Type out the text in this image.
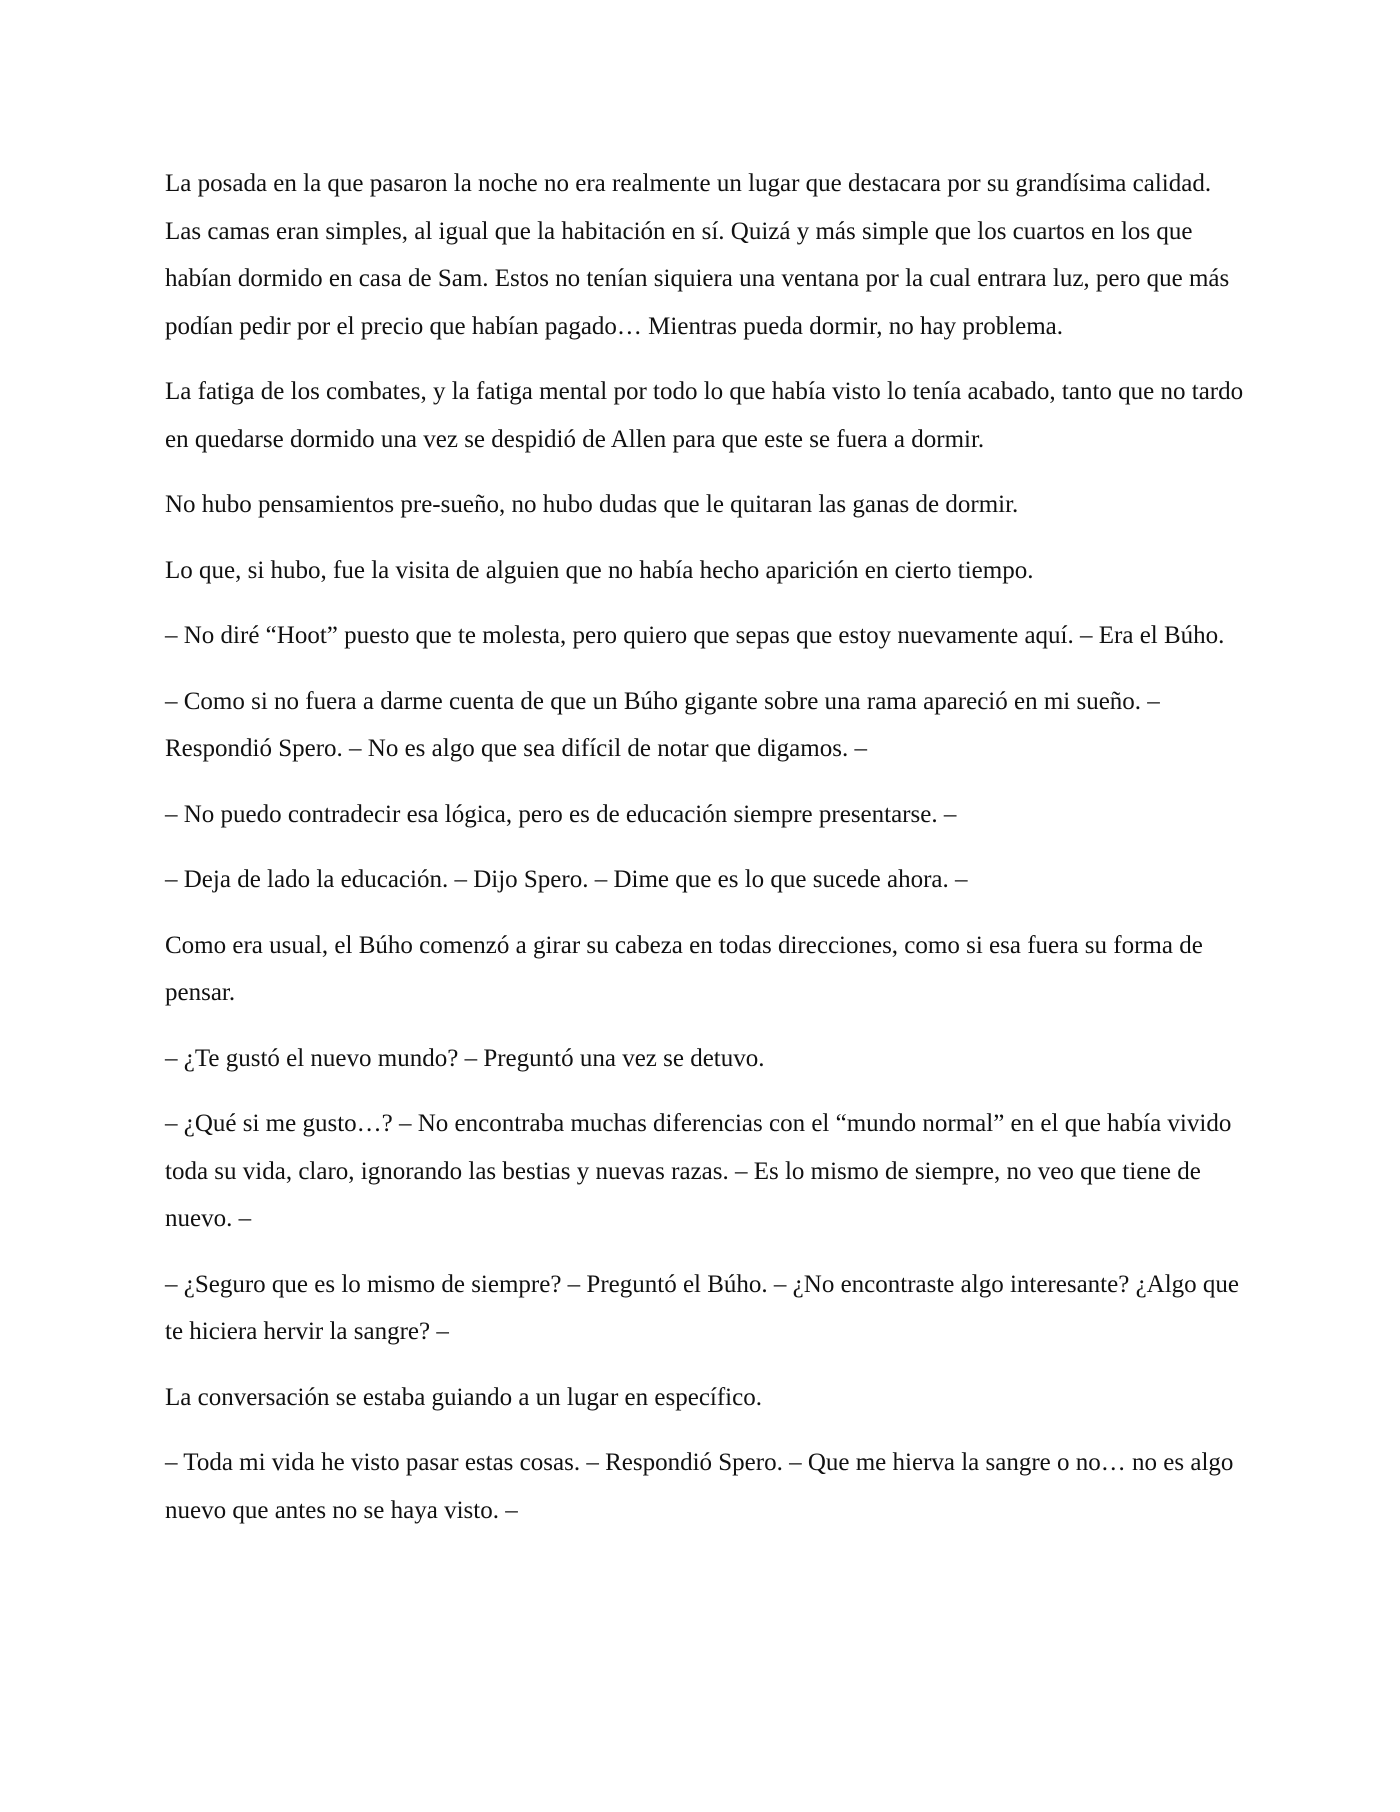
La posada en la que pasaron la noche no era realmente un lugar que destacara por su grandísima calidad. Las camas eran simples, al igual que la habitación en sí. Quizá y más simple que los cuartos en los que habían dormido en casa de Sam. Estos no tenían siquiera una ventana por la cual entrara luz, pero que más podían pedir por el precio que habían pagado… Mientras pueda dormir, no hay problema.

La fatiga de los combates, y la fatiga mental por todo lo que había visto lo tenía acabado, tanto que no tardo en quedarse dormido una vez se despidió de Allen para que este se fuera a dormir.

No hubo pensamientos pre-sueño, no hubo dudas que le quitaran las ganas de dormir.

Lo que, si hubo, fue la visita de alguien que no había hecho aparición en cierto tiempo.

– No diré “Hoot” puesto que te molesta, pero quiero que sepas que estoy nuevamente aquí. – Era el Búho.

– Como si no fuera a darme cuenta de que un Búho gigante sobre una rama apareció en mi sueño. – Respondió Spero. – No es algo que sea difícil de notar que digamos. –

– No puedo contradecir esa lógica, pero es de educación siempre presentarse. –

– Deja de lado la educación. – Dijo Spero. – Dime que es lo que sucede ahora. –

Como era usual, el Búho comenzó a girar su cabeza en todas direcciones, como si esa fuera su forma de pensar.

– ¿Te gustó el nuevo mundo? – Preguntó una vez se detuvo.

– ¿Qué si me gusto…? – No encontraba muchas diferencias con el “mundo normal” en el que había vivido toda su vida, claro, ignorando las bestias y nuevas razas. – Es lo mismo de siempre, no veo que tiene de nuevo. –

– ¿Seguro que es lo mismo de siempre? – Preguntó el Búho. – ¿No encontraste algo interesante? ¿Algo que te hiciera hervir la sangre? –

La conversación se estaba guiando a un lugar en específico.

– Toda mi vida he visto pasar estas cosas. – Respondió Spero. – Que me hierva la sangre o no… no es algo nuevo que antes no se haya visto. –
